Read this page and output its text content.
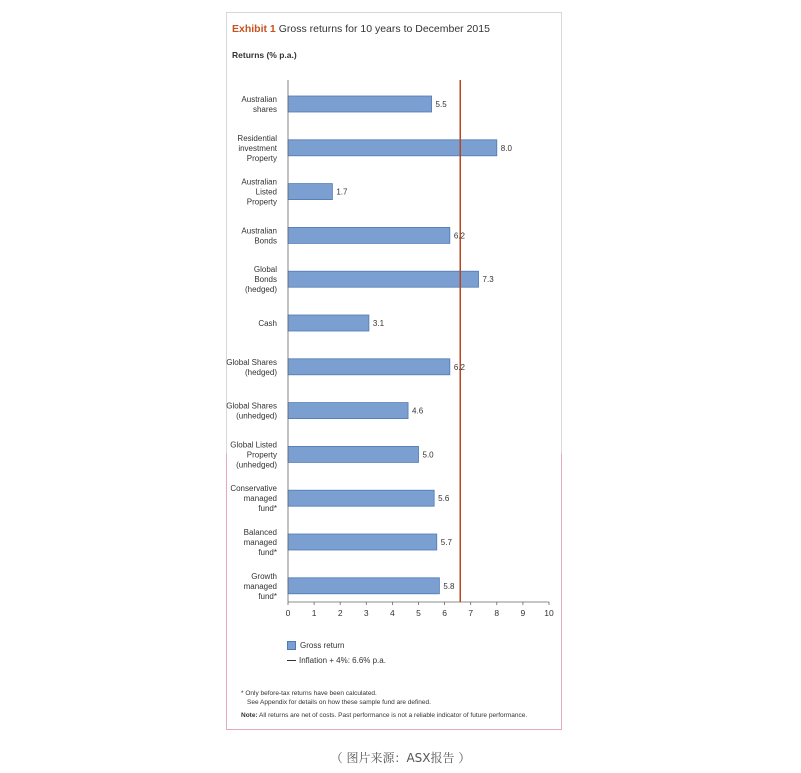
Exhibit 1 Gross returns for 10 years to December 2015
Returns (% p.a.)
5.5
Australian
shares
8.0
Residential
investment
Property
1.7
Australian
Listed
Property
6.2
Australian
Bonds
7.3
Global
Bonds
(hedged)
3.1
Cash
6.2
Global Shares
(hedged)
4.6
Global Shares
(unhedged)
5.0
Global Listed
Property
(unhedged)
5.6
Conservative
managed
fund*
5.7
Balanced
managed
fund*
5.8
Growth
managed
fund*
0	1	2	3	4	5	6	7	8	9 10
Gross return
Inflation + 4%: 6.6% p.a.
* Only before-tax returns have been calculated.
See Appendix for details on how these sample fund are defined.
Note: All returns are net of costs. Past performance is not a reliable indicator of future performance.
（ 图片来源：ASX报告 ）
